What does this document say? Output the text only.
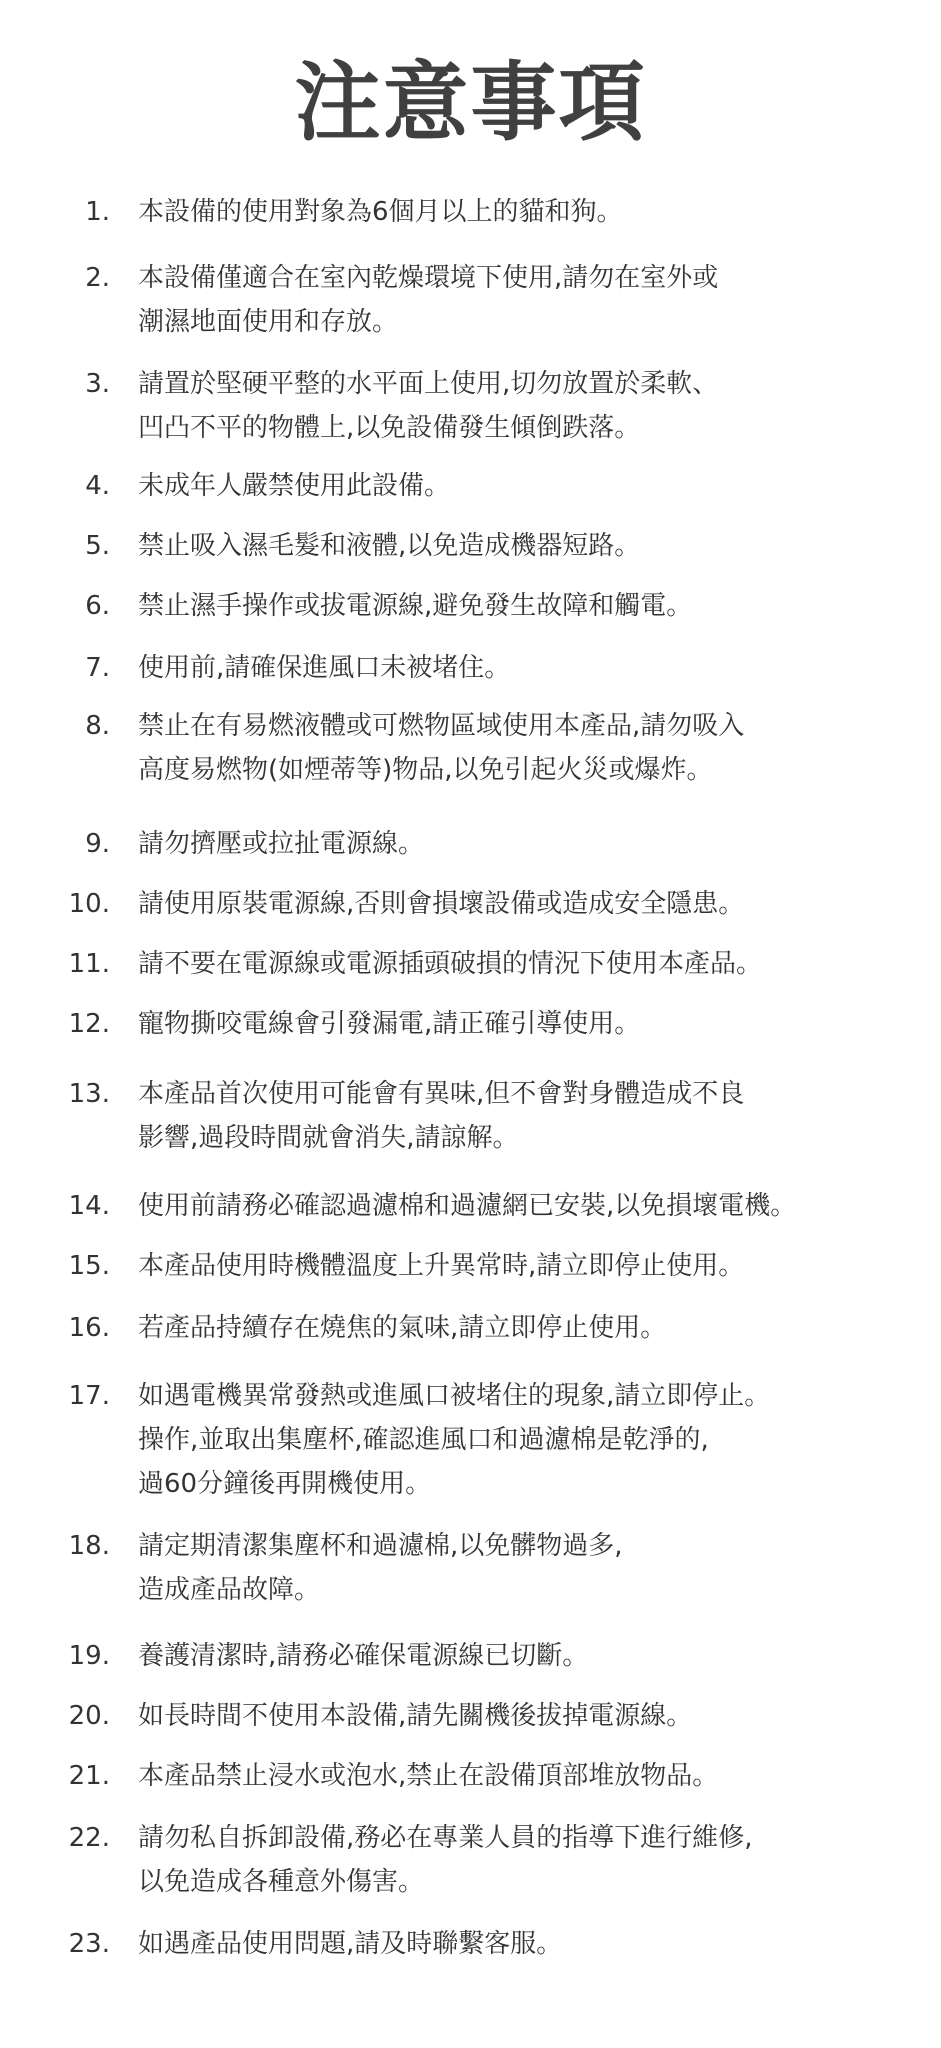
注意事項
1. 本設備的使用對象為6個月以上的貓和狗。
2. 本設備僅適合在室內乾燥環境下使用,請勿在室外或
潮濕地面使用和存放。
3. 請置於堅硬平整的水平面上使用,切勿放置於柔軟、
凹凸不平的物體上,以免設備發生傾倒跌落。
4. 未成年人嚴禁使用此設備。
5. 禁止吸入濕毛髮和液體,以免造成機器短路。
6. 禁止濕手操作或拔電源線,避免發生故障和觸電。
7. 使用前,請確保進風口未被堵住。
8. 禁止在有易燃液體或可燃物區域使用本產品,請勿吸入
高度易燃物(如煙蒂等)物品,以免引起火災或爆炸。
9. 請勿擠壓或拉扯電源線。
10. 請使用原裝電源線,否則會損壞設備或造成安全隱患。
11. 請不要在電源線或電源插頭破損的情況下使用本產品。
12. 寵物撕咬電線會引發漏電,請正確引導使用。
13. 本產品首次使用可能會有異味,但不會對身體造成不良
影響,過段時間就會消失,請諒解。
14. 使用前請務必確認過濾棉和過濾網已安裝,以免損壞電機。
15. 本產品使用時機體溫度上升異常時,請立即停止使用。
16. 若產品持續存在燒焦的氣味,請立即停止使用。
17. 如遇電機異常發熱或進風口被堵住的現象,請立即停止。
操作,並取出集塵杯,確認進風口和過濾棉是乾淨的,
過60分鐘後再開機使用。
18. 請定期清潔集塵杯和過濾棉,以免髒物過多,
造成產品故障。
19. 養護清潔時,請務必確保電源線已切斷。
20. 如長時間不使用本設備,請先關機後拔掉電源線。
21. 本產品禁止浸水或泡水,禁止在設備頂部堆放物品。
22. 請勿私自拆卸設備,務必在專業人員的指導下進行維修,
以免造成各種意外傷害。
23. 如遇產品使用問題,請及時聯繫客服。
